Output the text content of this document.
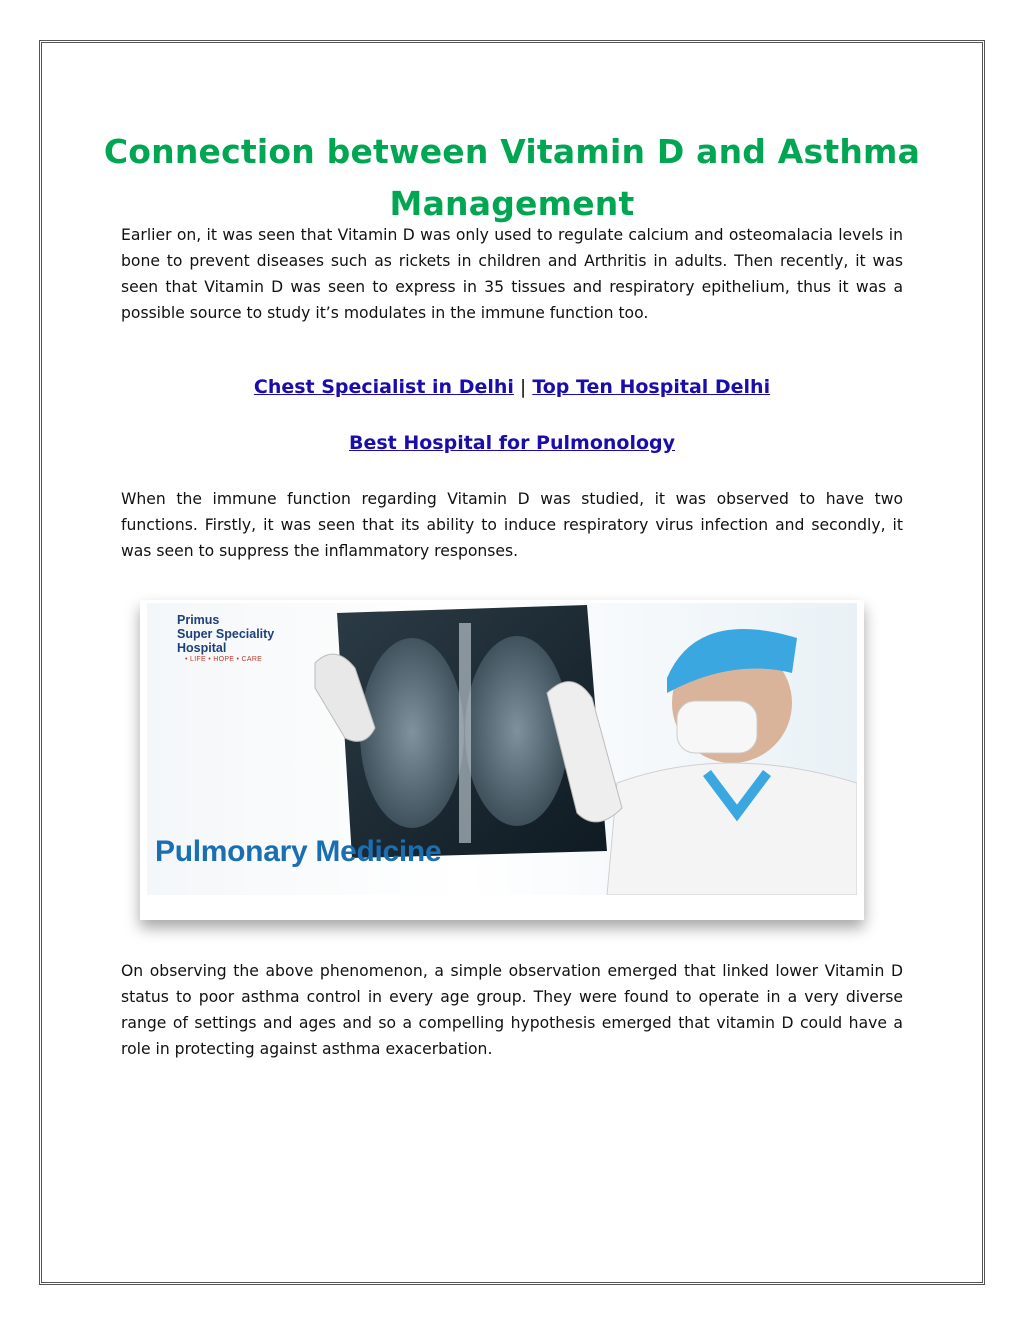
Connection between Vitamin D and Asthma Management

Earlier on, it was seen that Vitamin D was only used to regulate calcium and osteomalacia levels in bone to prevent diseases such as rickets in children and Arthritis in adults. Then recently, it was seen that Vitamin D was seen to express in 35 tissues and respiratory epithelium, thus it was a possible source to study it’s modulates in the immune function too.

Chest Specialist in Delhi | Top Ten Hospital Delhi
Best Hospital for Pulmonology

When the immune function regarding Vitamin D was studied, it was observed to have two functions. Firstly, it was seen that its ability to induce respiratory virus infection and secondly, it was seen to suppress the inflammatory responses.

Primus
Super Speciality
Hospital
• LIFE • HOPE • CARE
Pulmonary Medicine

On observing the above phenomenon, a simple observation emerged that linked lower Vitamin D status to poor asthma control in every age group. They were found to operate in a very diverse range of settings and ages and so a compelling hypothesis emerged that vitamin D could have a role in protecting against asthma exacerbation.
